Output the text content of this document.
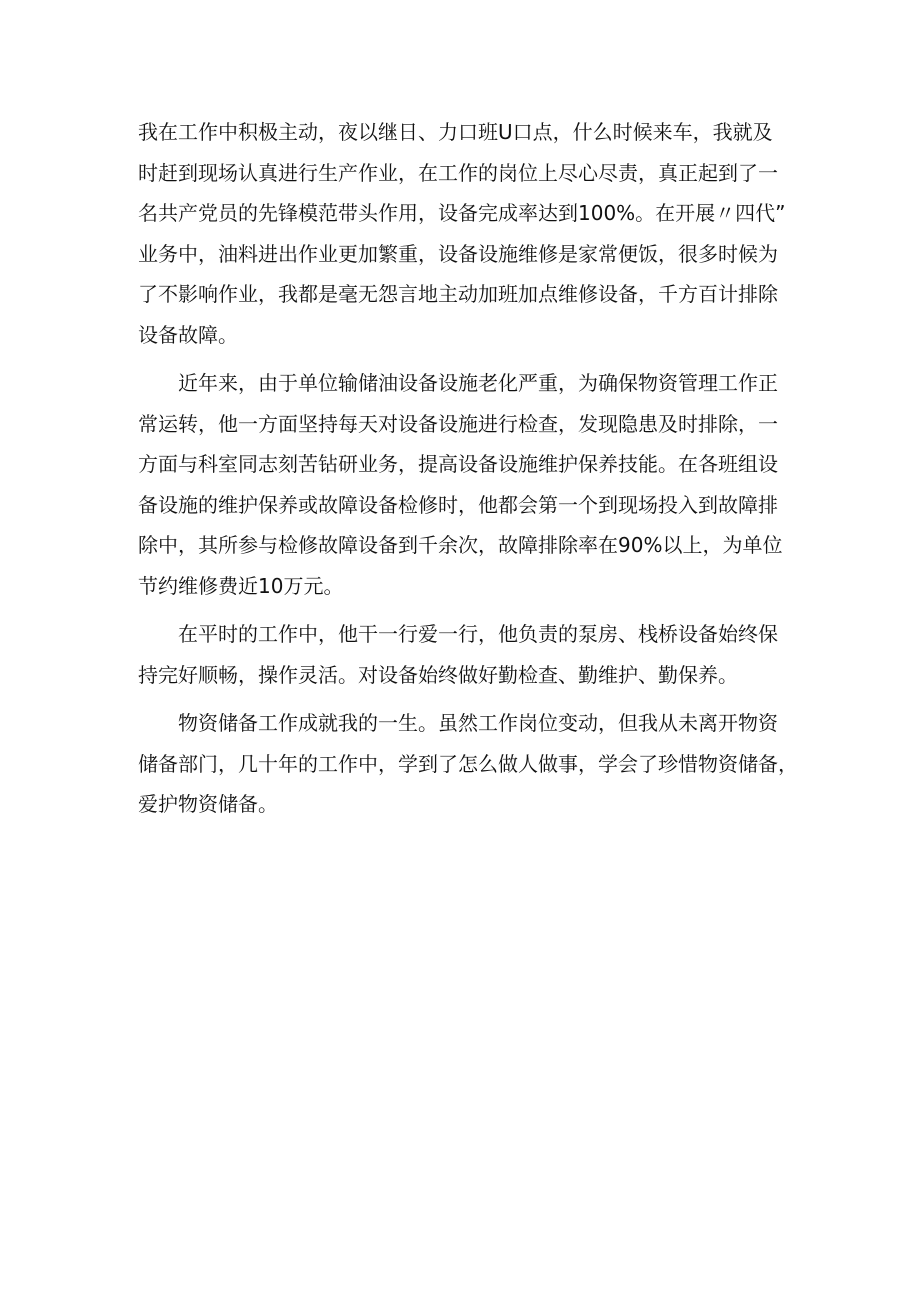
我在工作中积极主动，夜以继日、力口班U口点，什么时候来车，我就及
时赶到现场认真进行生产作业，在工作的岗位上尽心尽责，真正起到了一
名共产党员的先锋模范带头作用，设备完成率达到100%。在开展〃四代”
业务中，油料进出作业更加繁重，设备设施维修是家常便饭，很多时候为
了不影响作业，我都是毫无怨言地主动加班加点维修设备，千方百计排除
设备故障。
近年来，由于单位输储油设备设施老化严重，为确保物资管理工作正
常运转，他一方面坚持每天对设备设施进行检查，发现隐患及时排除，一
方面与科室同志刻苦钻研业务，提高设备设施维护保养技能。在各班组设
备设施的维护保养或故障设备检修时，他都会第一个到现场投入到故障排
除中，其所参与检修故障设备到千余次，故障排除率在90%以上，为单位
节约维修费近10万元。
在平时的工作中，他干一行爱一行，他负责的泵房、栈桥设备始终保
持完好顺畅，操作灵活。对设备始终做好勤检查、勤维护、勤保养。
物资储备工作成就我的一生。虽然工作岗位变动，但我从未离开物资
储备部门，几十年的工作中，学到了怎么做人做事，学会了珍惜物资储备，
爱护物资储备。
